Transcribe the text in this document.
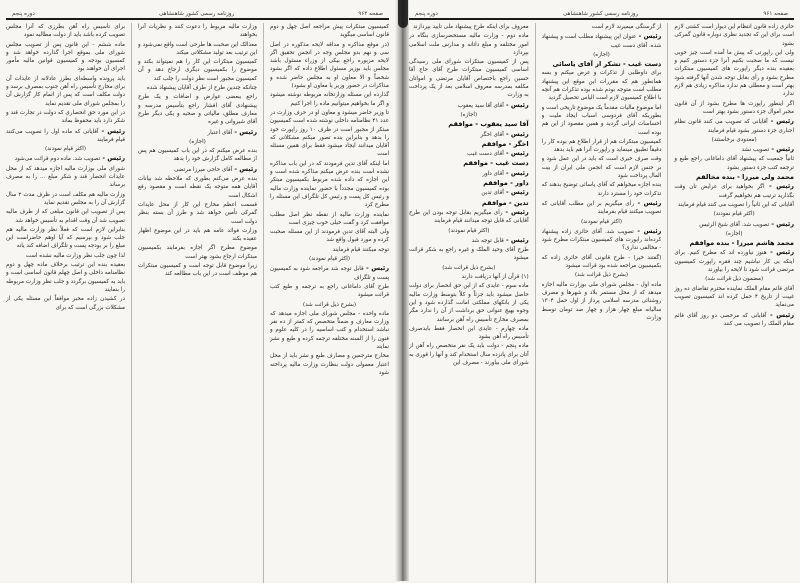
دوره پنجم	روزنامه رسمی کشور شاهنشاهی	صفحه ۹۶۲

کمیسیون مبتکرات پیش مراجعه اصل چهل و دوم قانون اساسی میگوید

(در موقع مذاکره و مداقه لایحه مذکوره در اصل سی و نهم بدو مجلس وجه در انجمن تحقیق اگر لایحه مزبوره راجع بیکی از وزراء مسئول باشد مجلس باید بوزیر مسئول اطلاع داده که اگر بشود شخصاً و الا معاون او به مجلس حاضر شده و مذاکرات در حضور وزیر یا معاون او بشود)

گذارده این مسئله وزارتخانه مربوطه نوشته میشود و اگر ما بخواهیم میتوانیم ماده را اجرا کنیم

تا وزیر حاضر میشود و معاون او در حرف وزارت در عدد ۴۱ نظامنامه داخلی نوشته شده است کمیسیون مبتکر از مجبور است در ظرف ۱۰ روز راپورت خود را بدهد و بنابراین بنده تصور میکنم مشکلاتی که آقایان میدانند ایجاد میشود فقط برای همین مسئله است

اما اینکه آقای تدین فرمودند که در این باب مذاکره نشده است بنده عرض میکنم مذاکره شده است و این اجازه که داده شده مربوط بکمیسیون مبتکر بوده کمیسیون مجدداً با حضور نماینده وزارت مالیه و رئیس کل پست و رئیس کل تلگراف این مسئله را مطرح کرد

نماینده وزارت مالیه از نقطه نظر اصل مطلب موافقت کرد و گفت خیلی خوب چیزی است

ولی البته آقای تدین فرمودند از این مسئله صحبت کرده و مورد قبول واقع شد

توجه میکنند قیام فرمایند

(اکثر قیام نمودند)

رئیس - قابل توجه شد مراجعه شود به کمیسیون پست و تلگراف

طرح آقای داماغانی راجع به ترجمه و طبع کتب قرائت میشود

(بشرح ذیل قرائت شد)

ماده واحده - مجلس شورای ملی اجازه میدهد که وزارت معارف و ضمناً متخصص که کمتر از ده نفر نباشد استخدام و کتب اساسیه را در کلیه علوم و فنون را از السنه مختلفه ترجمه کرده و طبع و نشر نمایند

مخارج مترجمین و مصارف طبع و نشر باید از محل اعتبار معمولی دولت بنظارت وزارت مالیه پرداخته شود

وزارت مالیه مربوط را دعوت کنند و نظریات آنرا بخواهند

معذالک این صحبت ها طرحی است واقع نمی‌شود و این ترتیب بعد تولید مشکلاتی میکند

کمیسیون مبتکرات این کار را هم نمیتواند بکند و موضوع را بکمیسیون دیگری ارجاع دهد و آن کمیسیون مجبور است نظر دولت را جلب کند

چنانکه چندین طرح از طرف آقایان پیشنهاد شده

راجع ببعضی عوارض و اضافات و یک طرح پیشنهادی آقای افشار راجع بتأسیس مدرسه و معارف مطلق، مالیاتی و صحیه و یکی دیگر طرح آقای شیروانی و غیره

رئیس - آقای اعتبار

(اجازه)

بنده عرض میکنم که در این باب کمیسیون هم پس از مطالعه کامل گزارش خود را بدهد

رئیس - آقای حاجی میرزا مرتضی

بنده عرض می‌کنم بطوری که ملاحظه شد بیانات آقایان همه متوجه یک نقطه است و مقصود رفع اشکال است

قسمت اعظم مخارج این کار از محل عایدات گمرکی تأمین خواهد شد و طرز آن بسته بنظر دولت است

وزارت فوائد عامه هم باید در این موضوع اظهار عقیده بکند

موضوع مطرح اگر اجازه بفرمایند بکمیسیون مبتکرات ارجاع بشود بهتر است

زیرا موضوع قابل توجه است و کمیسیون مبتکرات هم موظف است در این باب مطالعه کند

برای تأسیس راه آهن بطرزی که آنرا مجلس تصویب کرده باشد باید از دولت مطالبه نمود

ماده ششم - این قانون پس از تصویب مجلس شورای ملی بموقع اجرا گذارده خواهد شد و کمسیون بودجه و کمیسیون قوانین مالیه مأمور اجرای آن خواهند بود

باید پرونده واسطه‌ای بطرز عادلانه از عایدات آن برای مخارج تأسیس راه آهن جنوب بمصرف برسد و دولت مکلف است که پس از اتمام کار گزارش آن را بمجلس شورای ملی تقدیم نماید

در این مورد حق انحصاری که دولت در تجارت قند و شکر دارد باید محفوظ بماند

رئیس - آقایانی که ماده اول را تصویب می‌کنند قیام فرمایند

(اکثر قیام نمودند)

رئیس - تصویب شد. ماده دوم قرائت می‌شود

شورای ملی بوزارت مالیه اجازه میدهد که از محل عایدات انحصار قند و شکر مبلغ ... را به مصرف برساند

وزارت مالیه هم مکلف است در ظرف مدت ۲ سال گزارش آن را به مجلس تقدیم نماید

پس از تصویب این قانون مبلغی که از طرف مالیه تصویب شد آن وقت اقدام به تأسیس خواهد شد

بنابراین لازم است که فعلاً نظر وزارت مالیه هم جلب شود و بپرسیم که آیا اوهم حاضراست این مبلغ را بر بودجه پست و تلگراف اضافه کند یانه

لذا چون جلب نظر وزارت مالیه نشده است

بعقیده بنده این ترتیب برخلاف ماده چهل و دوم نظامنامه داخلی و اصل چهلم قانون اساسی است و باید به کمیسیون برگردد و جلب نظر وزارت مربوطه را بنمایند

در کشیدن زاده محبر موافقاً این مسئله یکی از مشکلات بزرگی است که برای

دوره پنجم	روزنامه رسمی کشور شاهنشاهی	صفحه ۹۶۱

حائری زاده قانون انتظام این دیوار است کشتی لازم است برای این که تجدید نظری دوباره قانون گمرکی بشود

ولی این راپورتی که پیش ما آمده است چیز خوبی نیست که ما صحبت بکنیم آنرا جزء دستور کنیم و بعقیده بنده دیگر راپورت های کمیسیون مبتکرات مطرح بشود و رأی بقابل توجه شدن آنها گرفته شود بهتر است و معطلی هم ندارد مذاکره زیادی هم لازم ندارد

اگر اینطور راپورت ها مطرح بشود از آن قانون مجبر اموال جزء دستور بشود بهتر است

رئیس - آقایانی که تصویب می کنند قانون نظام اجباری جزء دستور بشود قیام فرمایند

(معدودی برخاستند)

رئیس - تصویب نشد

ثانیاً جمعیت که پیشنهاد آقای داماغانی راجع طبع و ترجمه کتب جزء دستور بشود

محمد ولی میرزا - بنده مخالفم

رئیس - اگر بخواهید برای عرایض تان وقت بگذارید ترتیب هم نخواهیم گرفت

آقایانی که این ثانیاً را تصویب می کنند قیام فرمایند

(اکثر قیام نمودند)

رئیس - تصویب شد. آقای شیخ الرئیس

(اجازه)

محمد هاشم میرزا - بنده موافقم

رئیس - هنوز نیاورده اند که مطرح کنیم. برای اینکه بی کار نباشیم چند فقره راپورت کمیسیون مرتضی قرائت شود تا لایحه را بیاورند

(مضمون ذیل قرائت شد)

آقای قائم مقام الملک نماینده محترم تقاضای ده روز غیبت از تاریخ ۴ حمل کرده اند کمیسیون تصویب می‌نماید

رئیس - آقایانی که مرخصی دو روز آقای قائم مقام الملک را تصویب می کنند

از گرسنگی میمیرند لازم است

رئیس - عنوان این پیشنهاد مطلب است و پیشنهاد شده. آقای دست غیب

(اجازه)

دست غیب - تشکر از آقای یاسائی

برای داوطلبی از تذکرات و عرض میکنم و بسه همانطور هم که مقررات این موقع این پیشنهاد مطلب است متوجه بودم شده بوده تذکرات هم آنچه با اطلاع کمیسیون لازم است الیاس تحصیل گردید

اما موضوع مالیات مقدماً یک موضوع تاریخی است و بطوریکه آقای فردوسی اسباب ایجاد ملیت و احساسات ایرانی گردید و همین مقصود از این هم بوده است

کمیسیون مبتکرات هم از قرار اطلاع هم بوده کار را دقیقاً تطبیق مینماید و راپورت آنرا هم باید بدهد

وقت صرف خیری است که باید در این عمل شود و بر جنس لازم است که انجمن ملی ایران از بیت المال پرداخت شود

بنده اجازه میخواهم که آقای یاسائی توضیح بدهند که تذکرات خود را مسترد دارند

رئیس - رأی میگیریم بر این مطلب آقایانی که تصویب میکنند قیام بفرمایند

(اکثر قیام نمودند)

رئیس - تصویب شد. آقای حائری زاده پیشنهاد کرده‌اند راپورت های کمیسیون مبتکرات مطرح شود - مخالفی نداری؟

(گفتند خیر) - طرح قانونی آقای حائری زاده که بکمیسیون مراجعه شده بود قرائت میشود

(بشرح ذیل قرائت شد)

ماده اول - مجلس شورای ملی بوزارت مالیه اجازه میدهد که از محل مستمر بلاد و شهرها و مصرف روشنائی مدرسه اسلامی پرداز از اول حمل ۱۳۰۴ ساليانه مبلغ چهار هزار و چهار صد تومان توسط وزارت

معروف برای اینکه طرح پیشنهاد ملی تایید بپردازند

ماده دوم - وزارت مالیه مستحضرسازی بنگاه در امور مختلفه و مبلغ داتانه و مدارس ملت اسلامی بپردازد

پس از کمیسیون مبتکرات شورای ملی رسیدگی اساسی کمیسیون مبتکرات طرح آقای حاج آقا حسین راجع باختصاص آقایان مرتضی و امواتان مکلفه بمدرسه معروف اسلامی بعد از یک پرداخت به وزارت

رئیس - آقای آقا سید یعقوب

(اجازه)

آقا سید یعقوب - موافقم

رئیس - آقای اخگر

اخگر - موافقم

رئیس - آقای دست غیب

دست غیب - موافقم

رئیس - آقای داور

داور - موافقم

رئیس - آقای تدین

تدین - موافقم

رئیس - رأی میگیریم بقابل توجه بودن این طرح آقایانی که قابل توجه میدانند قیام فرمایند

(اکثر قیام نمودند)

رئیس - قابل توجه شد

طرح آقای وحید الملک و غیره راجع به شکر قرائت میشود

(بشرح ذیل قرائت شد)

(۱) قرآن از آنها دریافت دارند

ماده سوم - عایدی که از این حق انحصار برای دولت حاصل میشود باید جزئاً و کلاً بتوسط وزارت مالیه یکی از بانکهای مملکتی امانت گذارده شود و این وجوه بهیچ عنوانی حق برداشت از آن را ندارد مگر بمصرف مخارج تأسیس راه آهن برسانند

ماده چهارم - عایدی این انحصار فقط بایدصرف تأسیس راه آهن بشود

ماده پنجم - دولت باید یک نفر متخصص راه آهن از آتان برای پانزده سال استخدام کند و آنها را قوری به شورای ملی بیاورند - مصرف این
